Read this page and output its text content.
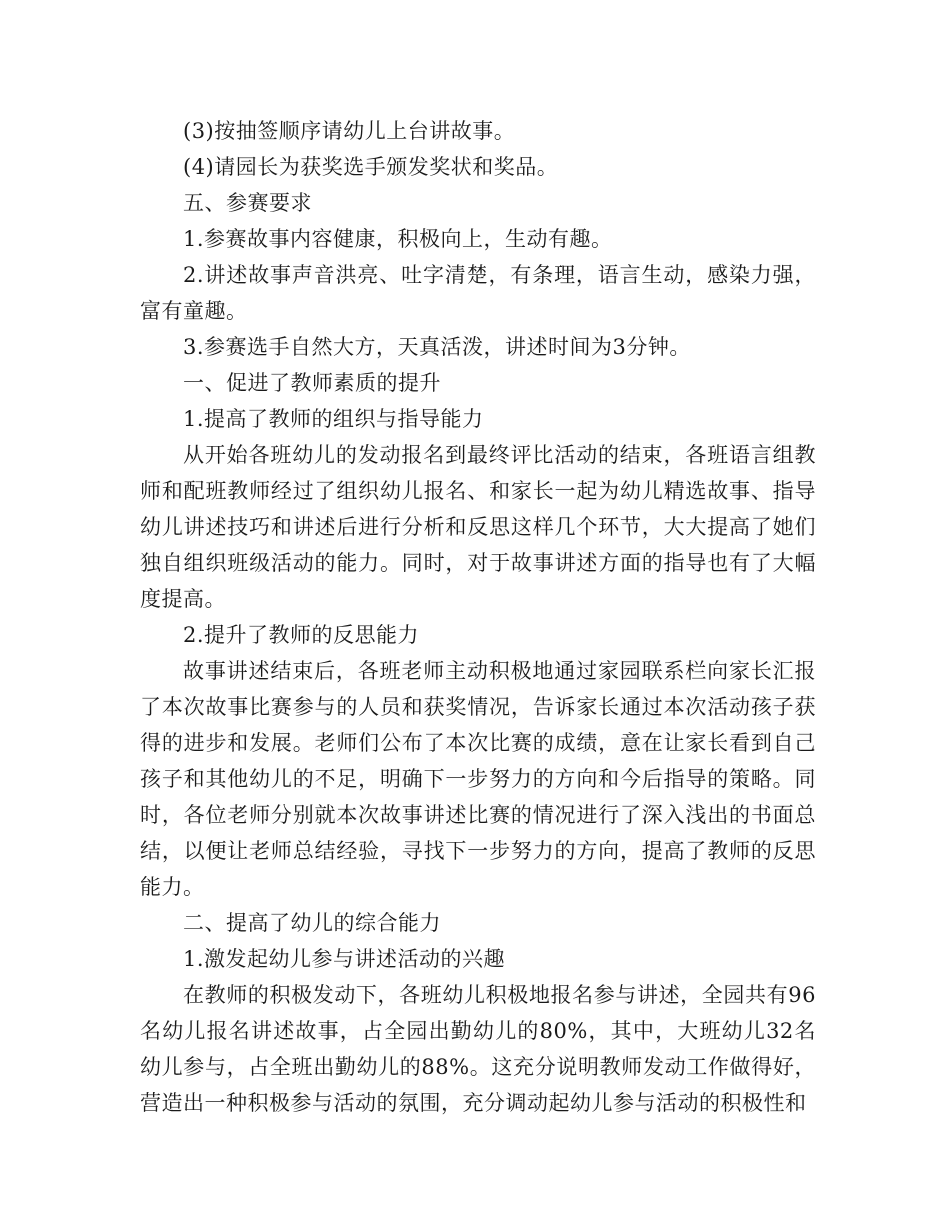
(3)按抽签顺序请幼儿上台讲故事。

(4)请园长为获奖选手颁发奖状和奖品。

五、参赛要求

1.参赛故事内容健康，积极向上，生动有趣。

2.讲述故事声音洪亮、吐字清楚，有条理，语言生动，感染力强，富有童趣。

3.参赛选手自然大方，天真活泼，讲述时间为3分钟。

一、促进了教师素质的提升

1.提高了教师的组织与指导能力

从开始各班幼儿的发动报名到最终评比活动的结束，各班语言组教师和配班教师经过了组织幼儿报名、和家长一起为幼儿精选故事、指导幼儿讲述技巧和讲述后进行分析和反思这样几个环节，大大提高了她们独自组织班级活动的能力。同时，对于故事讲述方面的指导也有了大幅度提高。

2.提升了教师的反思能力

故事讲述结束后，各班老师主动积极地通过家园联系栏向家长汇报了本次故事比赛参与的人员和获奖情况，告诉家长通过本次活动孩子获得的进步和发展。老师们公布了本次比赛的成绩，意在让家长看到自己孩子和其他幼儿的不足，明确下一步努力的方向和今后指导的策略。同时，各位老师分别就本次故事讲述比赛的情况进行了深入浅出的书面总结，以便让老师总结经验，寻找下一步努力的方向，提高了教师的反思能力。

二、提高了幼儿的综合能力

1.激发起幼儿参与讲述活动的兴趣

在教师的积极发动下，各班幼儿积极地报名参与讲述，全园共有96名幼儿报名讲述故事，占全园出勤幼儿的80%，其中，大班幼儿32名幼儿参与，占全班出勤幼儿的88%。这充分说明教师发动工作做得好，营造出一种积极参与活动的氛围，充分调动起幼儿参与活动的积极性和
